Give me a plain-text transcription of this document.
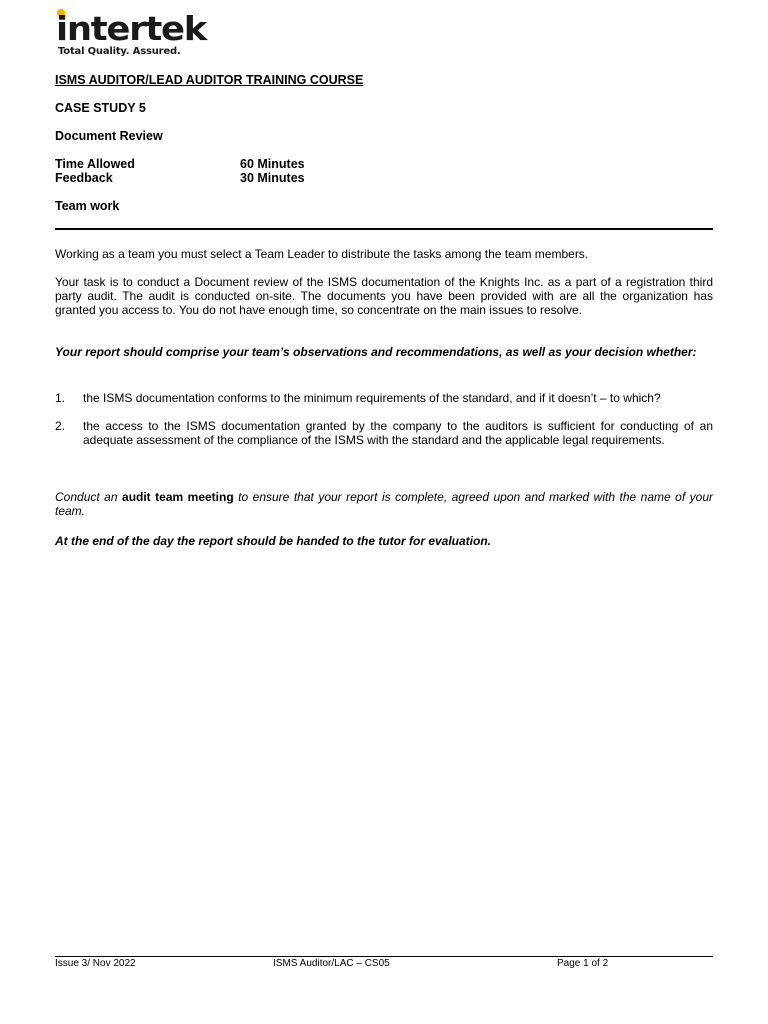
intertek
Total Quality. Assured.
ISMS AUDITOR/LEAD AUDITOR TRAINING COURSE
CASE STUDY 5
Document Review
Time Allowed	60 Minutes
Feedback	30 Minutes
Team work
Working as a team you must select a Team Leader to distribute the tasks among the team members.
Your task is to conduct a Document review of the ISMS documentation of the Knights Inc. as a part of a registration third party audit. The audit is conducted on-site. The documents you have been provided with are all the organization has granted you access to. You do not have enough time, so concentrate on the main issues to resolve.
Your report should comprise your team’s observations and recommendations, as well as your decision whether:
1. the ISMS documentation conforms to the minimum requirements of the standard, and if it doesn’t – to which?
2. the access to the ISMS documentation granted by the company to the auditors is sufficient for conducting of an adequate assessment of the compliance of the ISMS with the standard and the applicable legal requirements.
Conduct an audit team meeting to ensure that your report is complete, agreed upon and marked with the name of your team.
At the end of the day the report should be handed to the tutor for evaluation.
Issue 3/ Nov 2022	ISMS Auditor/LAC – CS05	Page 1 of 2
